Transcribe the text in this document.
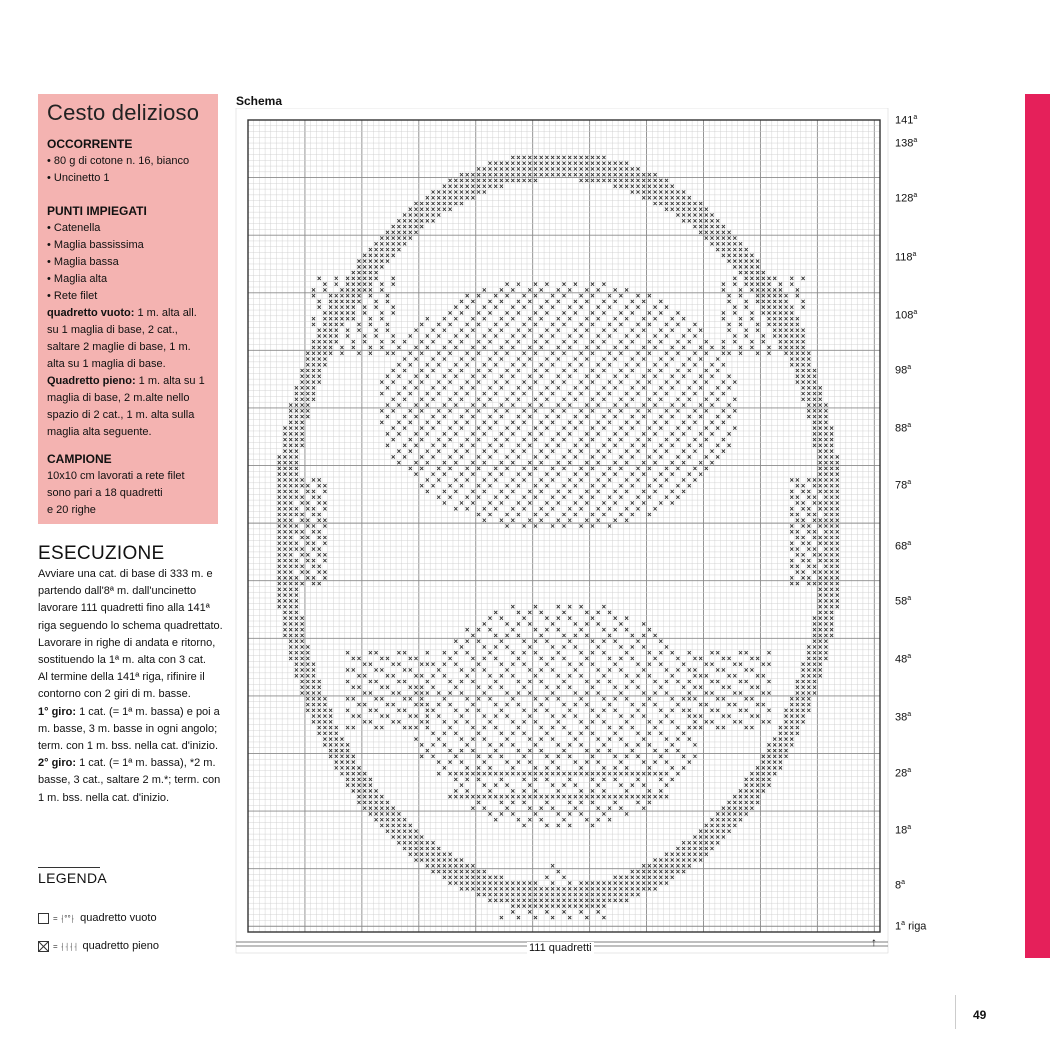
Cesto delizioso

OCCORRENTE

• 80 g di cotone n. 16, bianco

• Uncinetto 1

PUNTI IMPIEGATI

• Catenella

• Maglia bassissima

• Maglia bassa

• Maglia alta

• Rete filet

quadretto vuoto: 1 m. alta all. su 1 maglia di base, 2 cat., saltare 2 maglie di base, 1 m. alta su 1 maglia di base.

Quadretto pieno: 1 m. alta su 1 maglia di base, 2 m.alte nello spazio di 2 cat., 1 m. alta sulla maglia alta seguente.

CAMPIONE

10x10 cm lavorati a rete filet

sono pari a 18 quadretti

e 20 righe

ESECUZIONE

Avviare una cat. di base di 333 m. e partendo dall'8ª m. dall'uncinetto lavorare 111 quadretti fino alla 141ª riga seguendo lo schema quadrettato. Lavorare in righe di andata e ritorno, sostituendo la 1ª m. alta con 3 cat.

Al termine della 141ª riga, rifinire il contorno con 2 giri di m. basse.

1° giro: 1 cat. (= 1ª m. bassa) e poi a m. basse, 3 m. basse in ogni angolo; term. con 1 m. bss. nella cat. d'inizio.

2° giro: 1 cat. (= 1ª m. bassa), *2 m. basse, 3 cat., saltare 2 m.*; term. con 1 m. bss. nella cat. d'inizio.

LEGENDA
= ⸡°°⸠ quadretto vuoto
= ⸡⸡⸡⸡ quadretto pieno
Schema
141$^a$
138$^a$
128$^a$
118$^a$
108$^a$
98$^a$
88$^a$
78$^a$
68$^a$
58$^a$
48$^a$
38$^a$
28$^a$
18$^a$
8$^a$
1$^a$ riga
111 quadretti	↑
49
